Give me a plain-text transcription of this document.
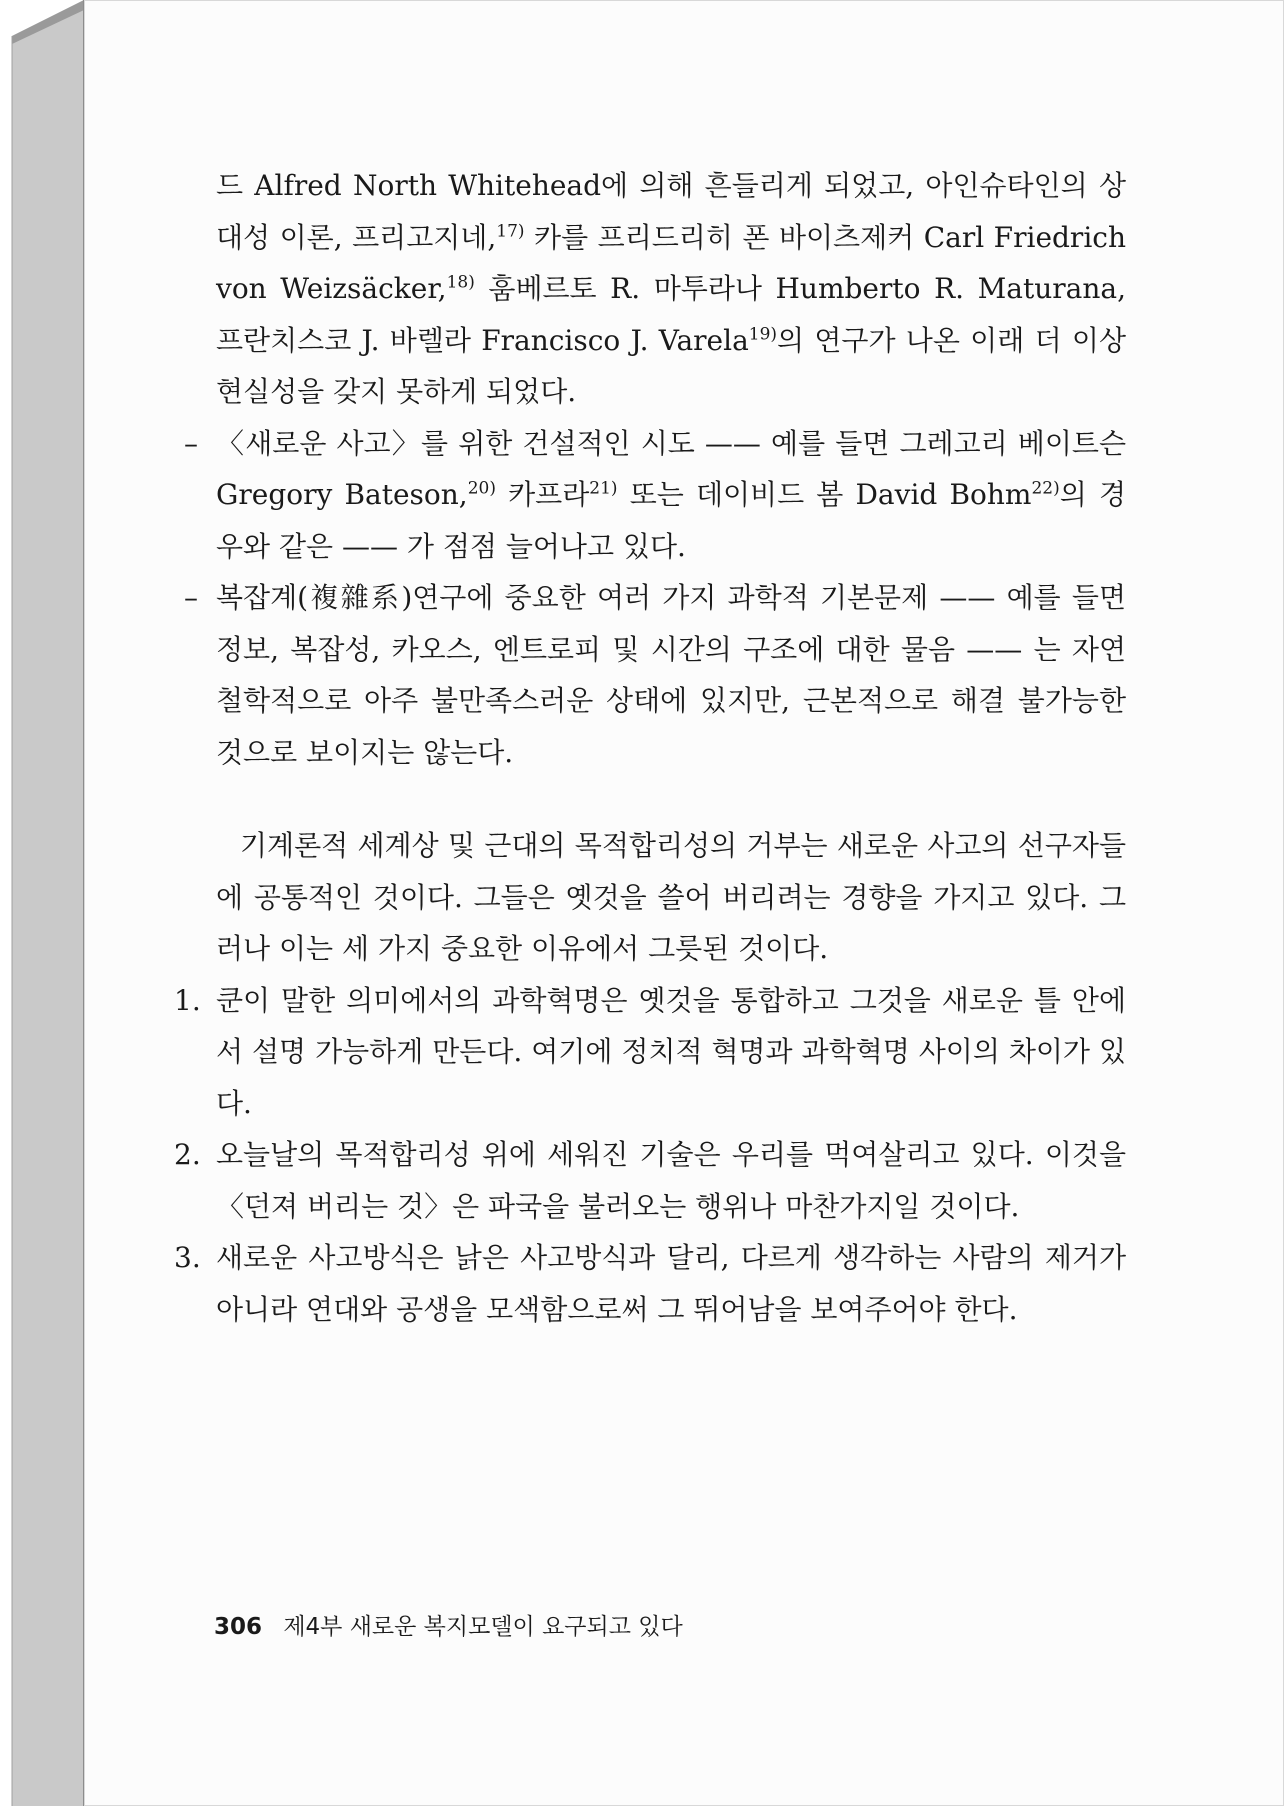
드 Alfred North Whitehead에 의해 흔들리게 되었고, 아인슈타인의 상대성 이론, 프리고지네,$^{17)}$ 카를 프리드리히 폰 바이츠제커 Carl Friedrich von Weizsäcker,$^{18)}$ 훔베르토 R. 마투라나 Humberto R. Maturana, 프란치스코 J. 바렐라 Francisco J. Varela$^{19)}$의 연구가 나온 이래 더 이상 현실성을 갖지 못하게 되었다.

– 〈새로운 사고〉를 위한 건설적인 시도 —— 예를 들면 그레고리 베이트슨 Gregory Bateson,$^{20)}$ 카프라$^{21)}$ 또는 데이비드 봄 David Bohm$^{22)}$의 경우와 같은 —— 가 점점 늘어나고 있다.

– 복잡계(複雜系)연구에 중요한 여러 가지 과학적 기본문제 —— 예를 들면 정보, 복잡성, 카오스, 엔트로피 및 시간의 구조에 대한 물음 —— 는 자연철학적으로 아주 불만족스러운 상태에 있지만, 근본적으로 해결 불가능한 것으로 보이지는 않는다.

기계론적 세계상 및 근대의 목적합리성의 거부는 새로운 사고의 선구자들에 공통적인 것이다. 그들은 옛것을 쓸어 버리려는 경향을 가지고 있다. 그러나 이는 세 가지 중요한 이유에서 그릇된 것이다.

1. 쿤이 말한 의미에서의 과학혁명은 옛것을 통합하고 그것을 새로운 틀 안에서 설명 가능하게 만든다. 여기에 정치적 혁명과 과학혁명 사이의 차이가 있다.

2. 오늘날의 목적합리성 위에 세워진 기술은 우리를 먹여살리고 있다. 이것을 〈던져 버리는 것〉은 파국을 불러오는 행위나 마찬가지일 것이다.

3. 새로운 사고방식은 낡은 사고방식과 달리, 다르게 생각하는 사람의 제거가 아니라 연대와 공생을 모색함으로써 그 뛰어남을 보여주어야 한다.

306 제4부 새로운 복지모델이 요구되고 있다
